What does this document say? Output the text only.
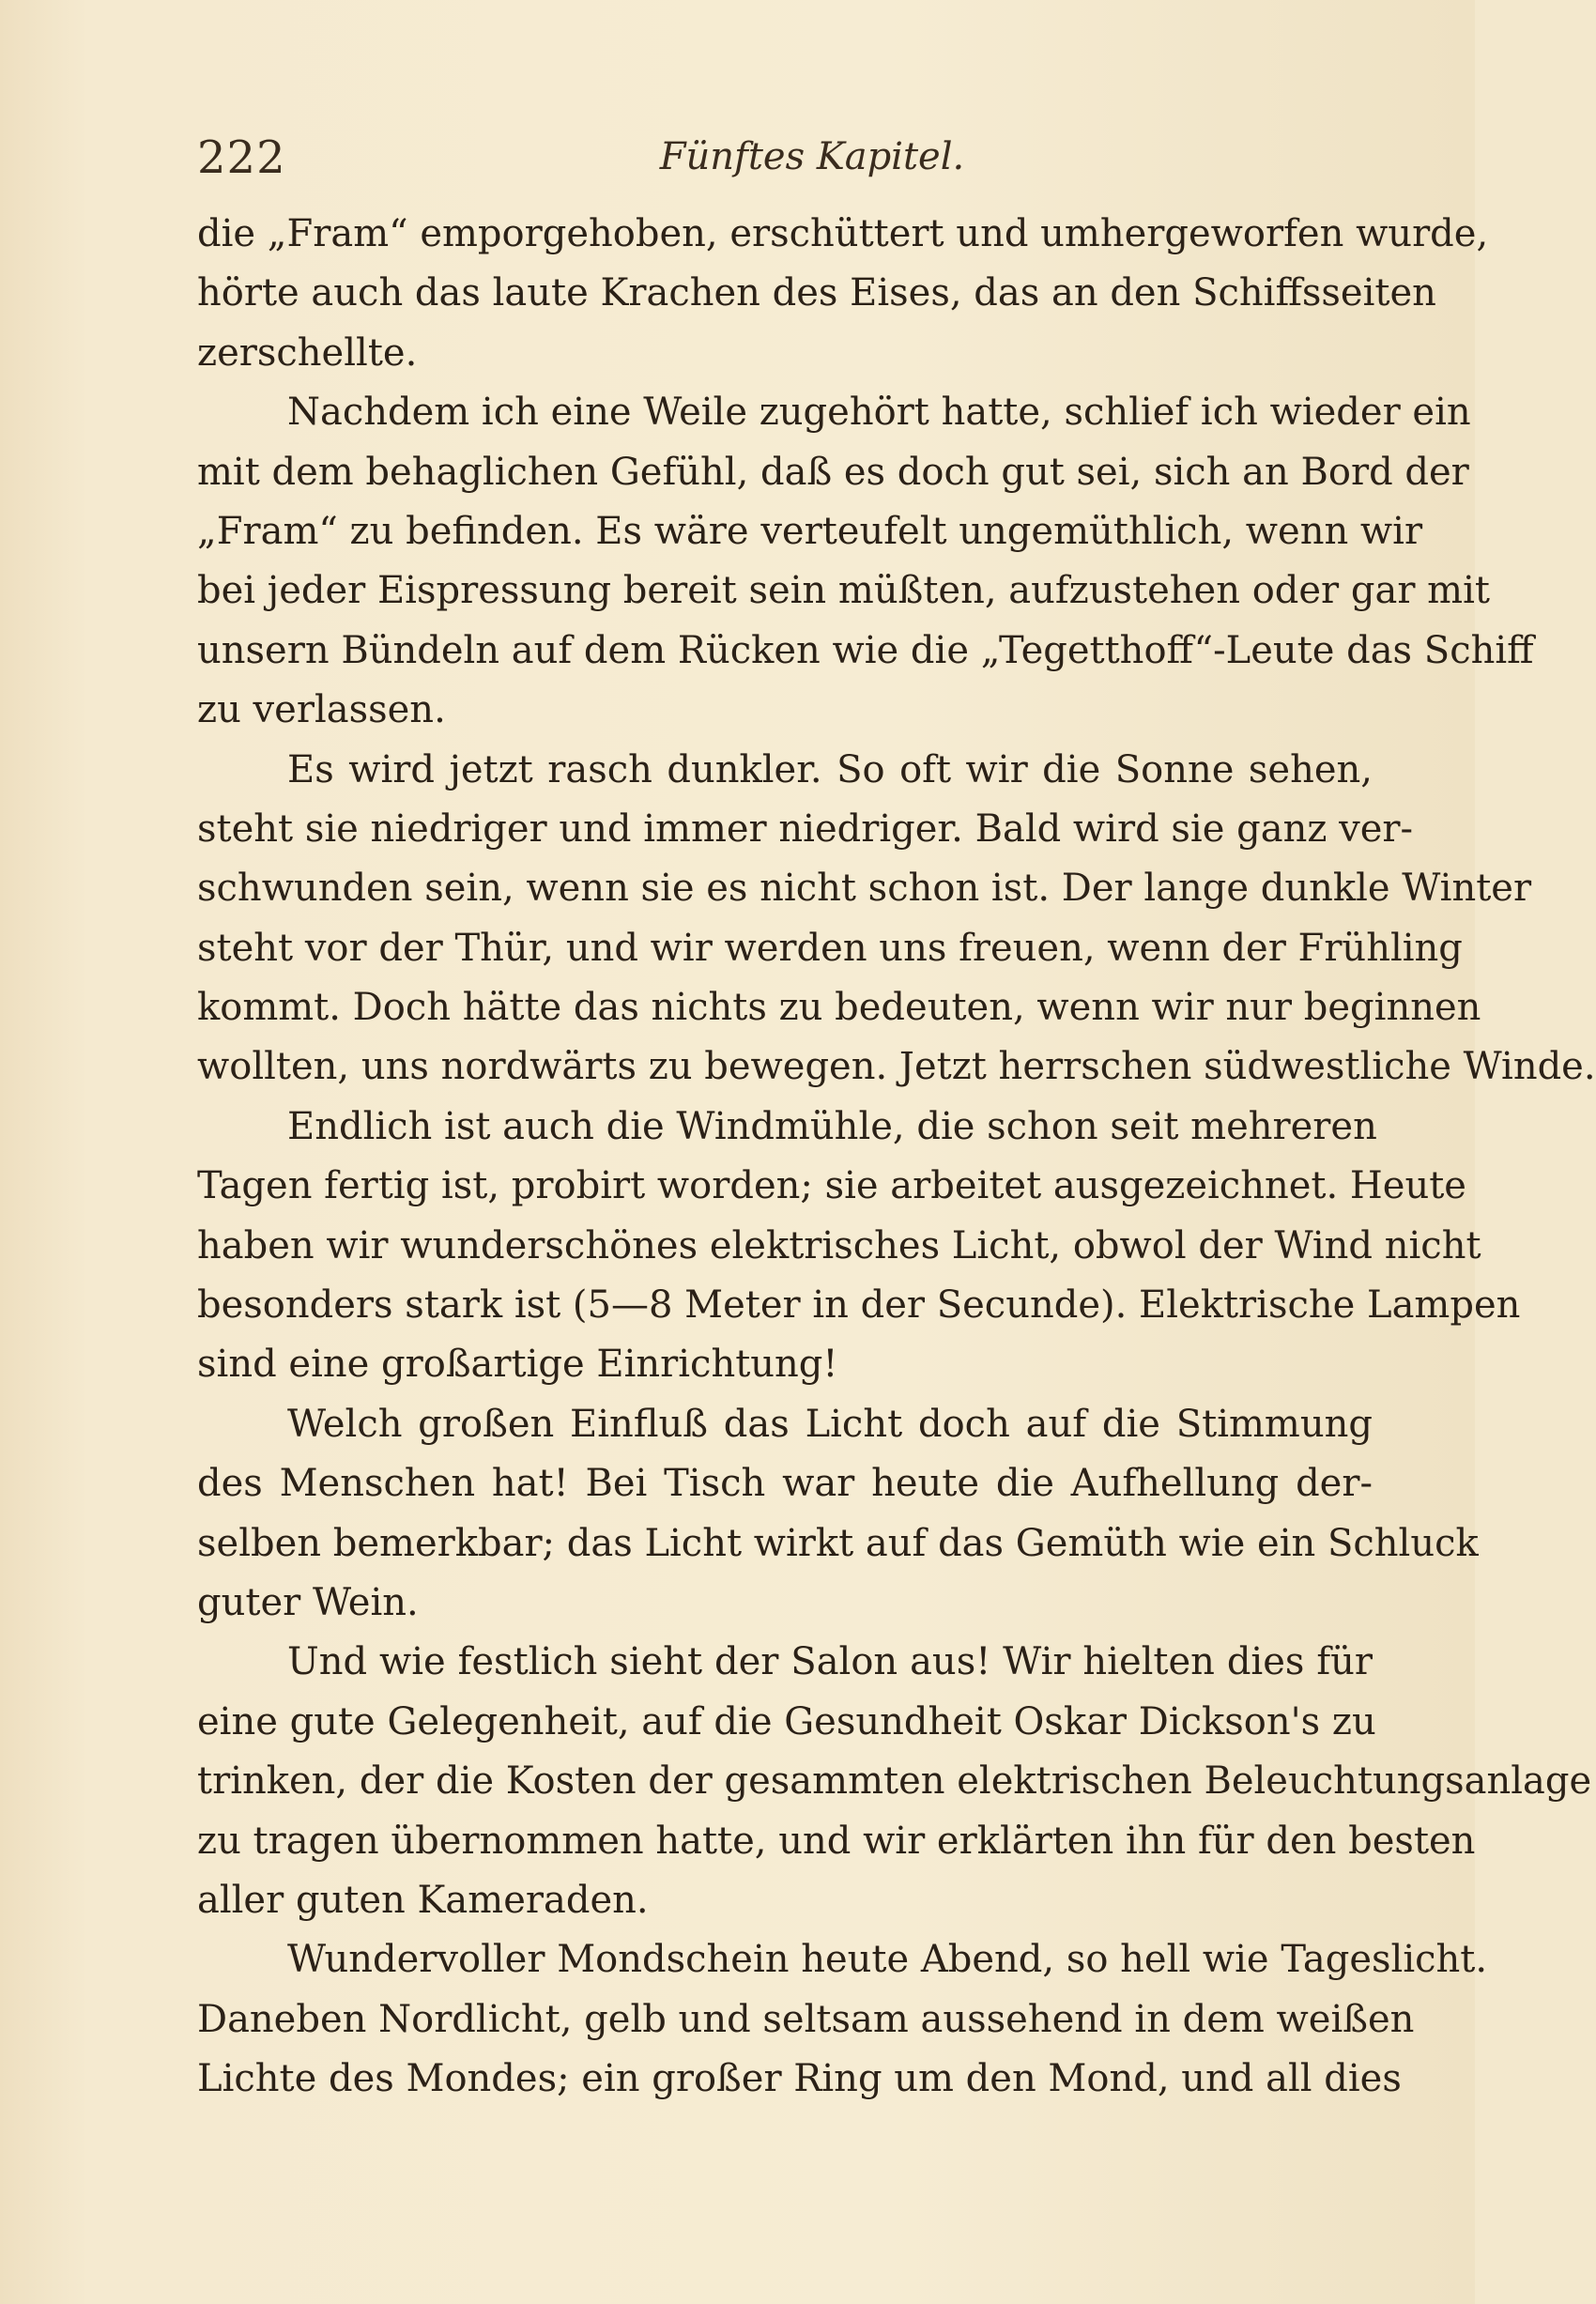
222	Fünftes Kapitel.
die „Fram“ emporgehoben, erschüttert und umhergeworfen wurde,
hörte auch das laute Krachen des Eises, das an den Schiffsseiten
zerschellte.
Nachdem ich eine Weile zugehört hatte, schlief ich wieder ein
mit dem behaglichen Gefühl, daß es doch gut sei, sich an Bord der
„Fram“ zu befinden. Es wäre verteufelt ungemüthlich, wenn wir
bei jeder Eispressung bereit sein müßten, aufzustehen oder gar mit
unsern Bündeln auf dem Rücken wie die „Tegetthoff“-Leute das Schiff
zu verlassen.
Es wird jetzt rasch dunkler. So oft wir die Sonne sehen,
steht sie niedriger und immer niedriger. Bald wird sie ganz ver-
schwunden sein, wenn sie es nicht schon ist. Der lange dunkle Winter
steht vor der Thür, und wir werden uns freuen, wenn der Frühling
kommt. Doch hätte das nichts zu bedeuten, wenn wir nur beginnen
wollten, uns nordwärts zu bewegen. Jetzt herrschen südwestliche Winde.
Endlich ist auch die Windmühle, die schon seit mehreren
Tagen fertig ist, probirt worden; sie arbeitet ausgezeichnet. Heute
haben wir wunderschönes elektrisches Licht, obwol der Wind nicht
besonders stark ist (5—8 Meter in der Secunde). Elektrische Lampen
sind eine großartige Einrichtung!
Welch großen Einfluß das Licht doch auf die Stimmung
des Menschen hat! Bei Tisch war heute die Aufhellung der-
selben bemerkbar; das Licht wirkt auf das Gemüth wie ein Schluck
guter Wein.
Und wie festlich sieht der Salon aus! Wir hielten dies für
eine gute Gelegenheit, auf die Gesundheit Oskar Dickson's zu
trinken, der die Kosten der gesammten elektrischen Beleuchtungsanlage
zu tragen übernommen hatte, und wir erklärten ihn für den besten
aller guten Kameraden.
Wundervoller Mondschein heute Abend, so hell wie Tageslicht.
Daneben Nordlicht, gelb und seltsam aussehend in dem weißen
Lichte des Mondes; ein großer Ring um den Mond, und all dies
